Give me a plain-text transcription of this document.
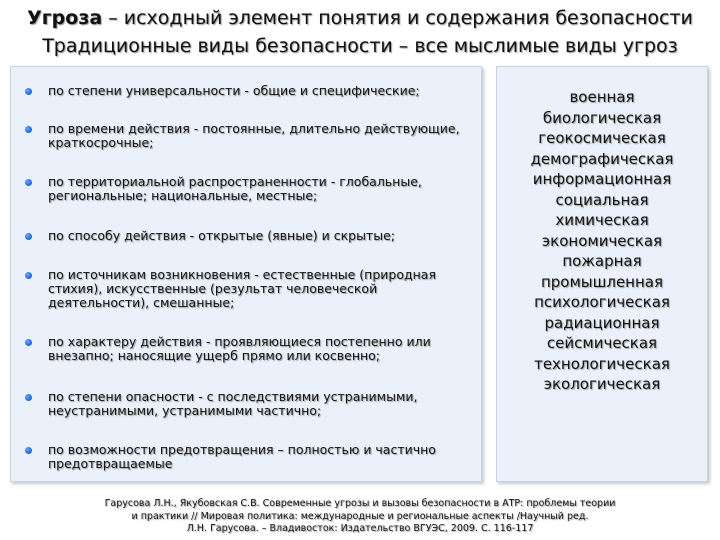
Угроза – исходный элемент понятия и содержания безопасности
Традиционные виды безопасности – все мыслимые виды угроз
по степени универсальности - общие и специфические;
по времени действия - постоянные, длительно действующие, краткосрочные;
по территориальной распространенности - глобальные, региональные; национальные, местные;
по способу действия - открытые (явные) и скрытые;
по источникам возникновения - естественные (природная стихия), искусственные (результат человеческой деятельности), смешанные;
по характеру действия - проявляющиеся постепенно или внезапно; наносящие ущерб прямо или косвенно;
по степени опасности - с последствиями устранимыми, неустранимыми, устранимыми частично;
по возможности предотвращения – полностью и частично предотвращаемые
военная
биологическая
геокосмическая
демографическая
информационная
социальная
химическая
экономическая
пожарная
промышленная
психологическая
радиационная
сейсмическая
технологическая
экологическая
Гарусова Л.Н., Якубовская С.В. Современные угрозы и вызовы безопасности в АТР: проблемы теории
и практики // Мировая политика: международные и региональные аспекты /Научный ред.
Л.Н. Гарусова. – Владивосток: Издательство ВГУЭС, 2009. С. 116-117
